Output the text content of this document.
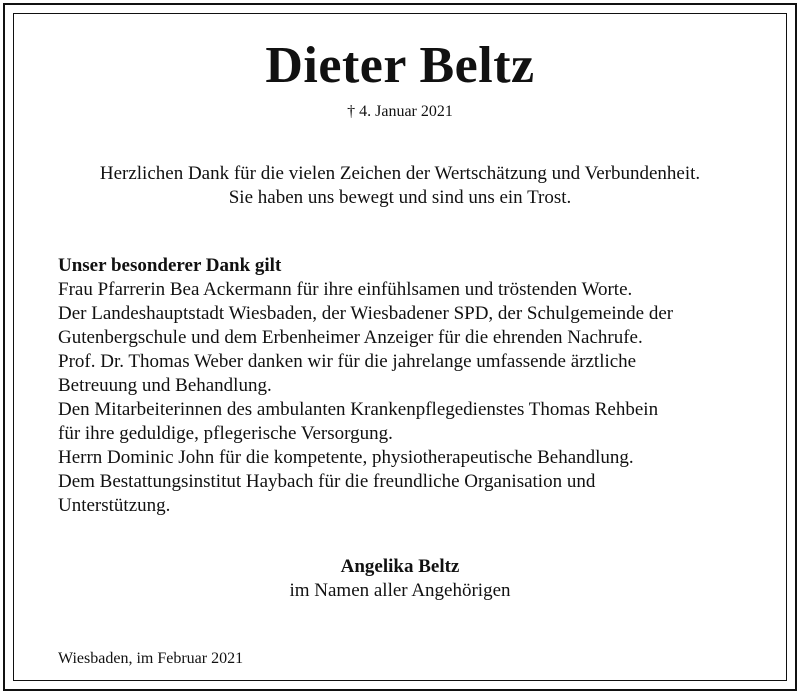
Dieter Beltz
† 4. Januar 2021
Herzlichen Dank für die vielen Zeichen der Wertschätzung und Verbundenheit.
Sie haben uns bewegt und sind uns ein Trost.
Unser besonderer Dank gilt
Frau Pfarrerin Bea Ackermann für ihre einfühlsamen und tröstenden Worte.
Der Landeshauptstadt Wiesbaden, der Wiesbadener SPD, der Schulgemeinde der
Gutenbergschule und dem Erbenheimer Anzeiger für die ehrenden Nachrufe.
Prof. Dr. Thomas Weber danken wir für die jahrelange umfassende ärztliche
Betreuung und Behandlung.
Den Mitarbeiterinnen des ambulanten Krankenpflegedienstes Thomas Rehbein
für ihre geduldige, pflegerische Versorgung.
Herrn Dominic John für die kompetente, physiotherapeutische Behandlung.
Dem Bestattungsinstitut Haybach für die freundliche Organisation und
Unterstützung.
Angelika Beltz
im Namen aller Angehörigen
Wiesbaden, im Februar 2021
